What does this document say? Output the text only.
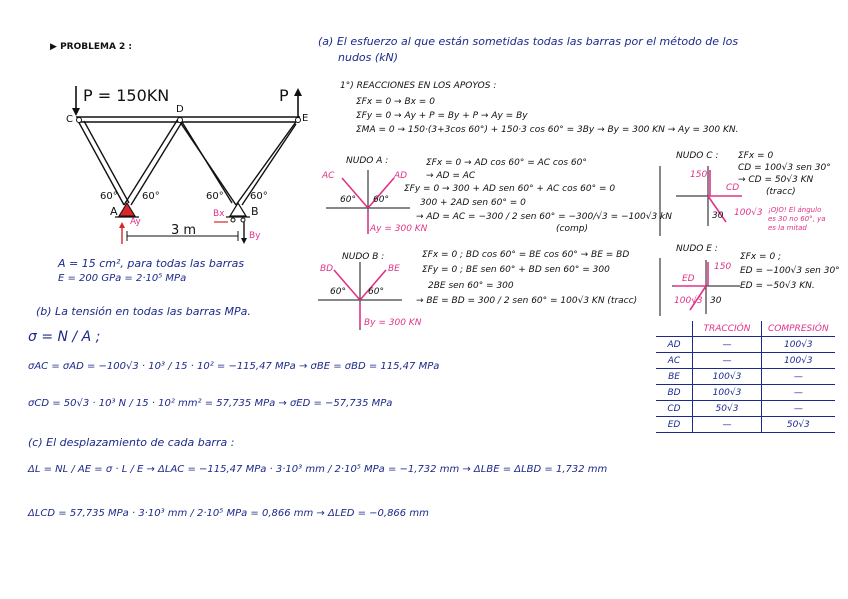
▶ PROBLEMA 2 :
P = 150KN	P
C
D
E
A	B
60° 60°	60°	60°
3 m
Ay
Bx
By
A = 15 cm², para todas las barras
E = 200 GPa = 2·10⁵ MPa
(a) El esfuerzo al que están sometidas todas las barras por el método de los
nudos (kN)
1°) REACCIONES EN LOS APOYOS :
ΣFx = 0 → Bx = 0
ΣFy = 0 → Ay + P = By + P → Ay = By
ΣMA = 0 → 150·(3+3cos 60°) + 150·3 cos 60° = 3By → By = 300 KN → Ay = 300 KN.
NUDO A :
AC	AD
60° 60°
Ay = 300 KN
ΣFx = 0 → AD cos 60° = AC cos 60°
→ AD = AC
ΣFy = 0 → 300 + AD sen 60° + AC cos 60° = 0
300 + 2AD sen 60° = 0
→ AD = AC = −300 / 2 sen 60° = −300/√3 = −100√3 kN
(comp)
NUDO B :
BD	BE
60° 60°
By = 300 KN
ΣFx = 0 ; BD cos 60° = BE cos 60° → BE = BD
ΣFy = 0 ; BE sen 60° + BD sen 60° = 300
2BE sen 60° = 300
→ BE = BD = 300 / 2 sen 60° = 100√3 KN (tracc)
NUDO C :
150
CD
100√3
30
ΣFx = 0
CD = 100√3 sen 30°
→ CD = 50√3 KN
(tracc)
¡OJO! El ángulo
es 30 no 60°, ya
es la mitad
NUDO E :
150
ED
100√3 30
ΣFx = 0 ;
ED = −100√3 sen 30°
ED = −50√3 KN.
	TRACCIÓN	COMPRESIÓN
AD	—	100√3
AC	—	100√3
BE	100√3	—
BD	100√3	—
CD	50√3	—
ED	—	50√3
(b) La tensión en todas las barras MPa.
σ = N / A ;
σAC = σAD = −100√3 · 10³ / 15 · 10² = −115,47 MPa → σBE = σBD = 115,47 MPa
σCD = 50√3 · 10³ N / 15 · 10² mm² = 57,735 MPa → σED = −57,735 MPa
(c) El desplazamiento de cada barra :
ΔL = NL / AE = σ · L / E → ΔLAC = −115,47 MPa · 3·10³ mm / 2·10⁵ MPa = −1,732 mm → ΔLBE = ΔLBD = 1,732 mm
ΔLCD = 57,735 MPa · 3·10³ mm / 2·10⁵ MPa = 0,866 mm → ΔLED = −0,866 mm
